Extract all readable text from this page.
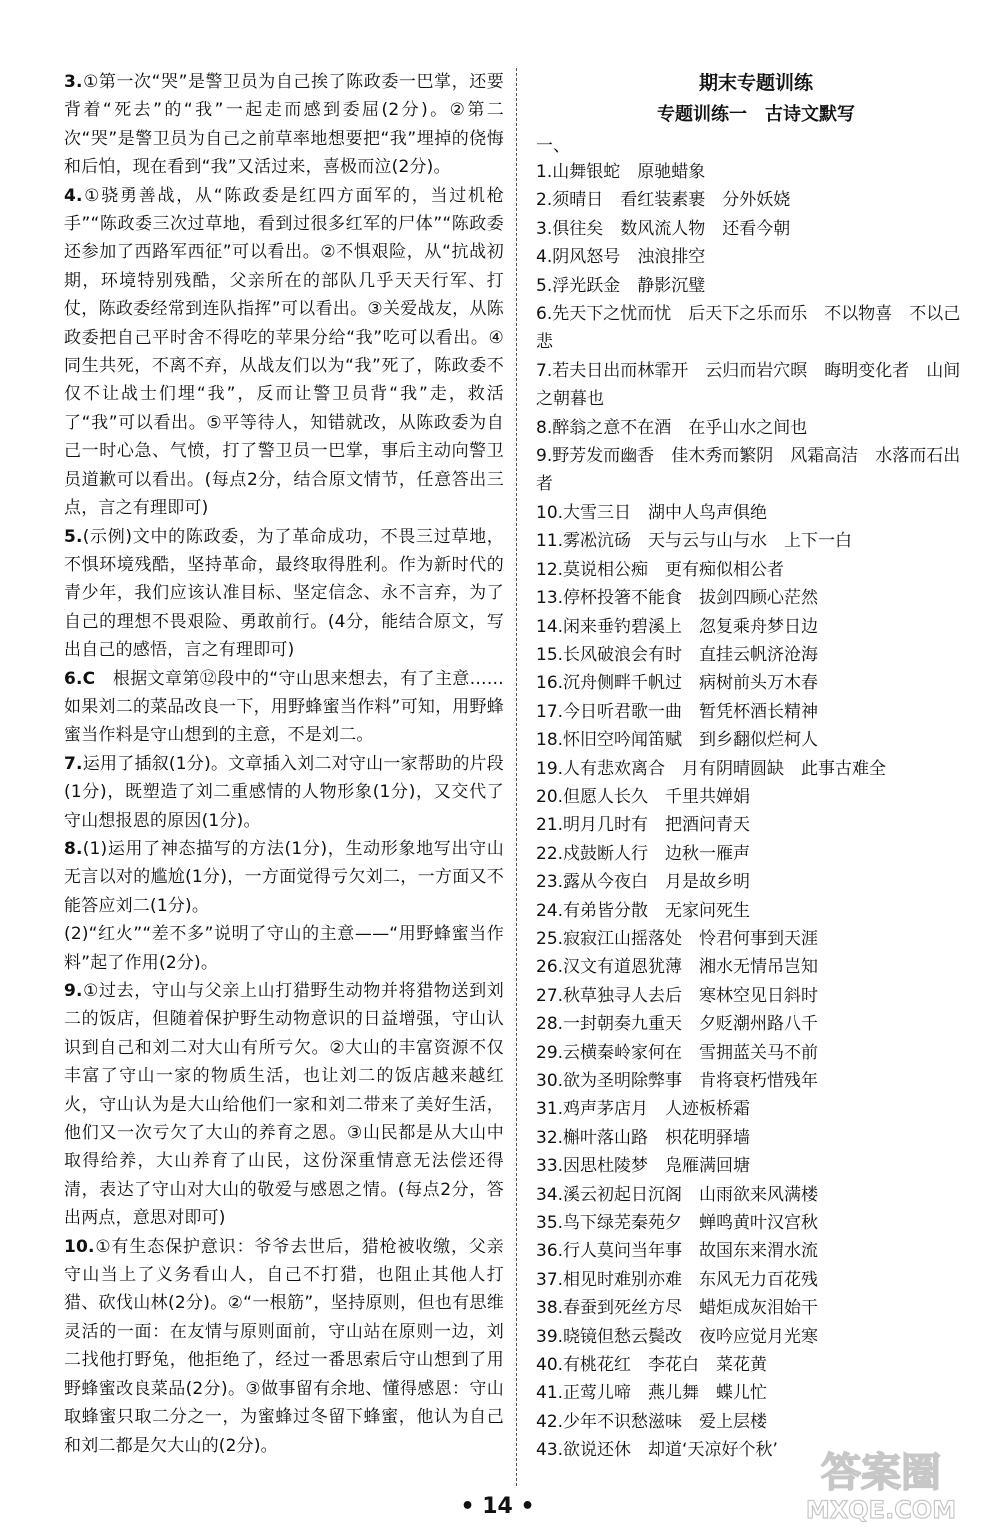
3.①第一次“哭”是警卫员为自己挨了陈政委一巴掌，还要背着“死去”的“我”一起走而感到委屈(2分)。②第二次“哭”是警卫员为自己之前草率地想要把“我”埋掉的侥悔和后怕，现在看到“我”又活过来，喜极而泣(2分)。

4.①骁勇善战，从“陈政委是红四方面军的，当过机枪手”“陈政委三次过草地，看到过很多红军的尸体”“陈政委还参加了西路军西征”可以看出。②不惧艰险，从“抗战初期，环境特别残酷，父亲所在的部队几乎天天行军、打仗，陈政委经常到连队指挥”可以看出。③关爱战友，从陈政委把自己平时舍不得吃的苹果分给“我”吃可以看出。④同生共死，不离不弃，从战友们以为“我”死了，陈政委不仅不让战士们埋“我”，反而让警卫员背“我”走，救活了“我”可以看出。⑤平等待人，知错就改，从陈政委为自己一时心急、气愤，打了警卫员一巴掌，事后主动向警卫员道歉可以看出。(每点2分，结合原文情节，任意答出三点，言之有理即可)

5.(示例)文中的陈政委，为了革命成功，不畏三过草地，不惧环境残酷，坚持革命，最终取得胜利。作为新时代的青少年，我们应该认准目标、坚定信念、永不言弃，为了自己的理想不畏艰险、勇敢前行。(4分，能结合原文，写出自己的感悟，言之有理即可)

6.C　根据文章第⑫段中的“守山思来想去，有了主意……如果刘二的菜品改良一下，用野蜂蜜当作料”可知，用野蜂蜜当作料是守山想到的主意，不是刘二。

7.运用了插叙(1分)。文章插入刘二对守山一家帮助的片段(1分)，既塑造了刘二重感情的人物形象(1分)，又交代了守山想报恩的原因(1分)。

8.(1)运用了神态描写的方法(1分)，生动形象地写出守山无言以对的尴尬(1分)，一方面觉得亏欠刘二，一方面又不能答应刘二(1分)。

(2)“红火”“差不多”说明了守山的主意——“用野蜂蜜当作料”起了作用(2分)。

9.①过去，守山与父亲上山打猎野生动物并将猎物送到刘二的饭店，但随着保护野生动物意识的日益增强，守山认识到自己和刘二对大山有所亏欠。②大山的丰富资源不仅丰富了守山一家的物质生活，也让刘二的饭店越来越红火，守山认为是大山给他们一家和刘二带来了美好生活，他们又一次亏欠了大山的养育之恩。③山民都是从大山中取得给养，大山养育了山民，这份深重情意无法偿还得清，表达了守山对大山的敬爱与感恩之情。(每点2分，答出两点，意思对即可)

10.①有生态保护意识：爷爷去世后，猎枪被收缴，父亲守山当上了义务看山人，自己不打猎，也阻止其他人打猎、砍伐山林(2分)。②“一根筋”，坚持原则，但也有思维灵活的一面：在友情与原则面前，守山站在原则一边，刘二找他打野兔，他拒绝了，经过一番思索后守山想到了用野蜂蜜改良菜品(2分)。③做事留有余地、懂得感恩：守山取蜂蜜只取二分之一，为蜜蜂过冬留下蜂蜜，他认为自己和刘二都是欠大山的(2分)。

期末专题训练

专题训练一　古诗文默写

一、

1.山舞银蛇　原驰蜡象
2.须晴日　看红装素裹　分外妖娆
3.俱往矣　数风流人物　还看今朝
4.阴风怒号　浊浪排空
5.浮光跃金　静影沉璧
6.先天下之忧而忧　后天下之乐而乐　不以物喜　不以己悲
7.若夫日出而林霏开　云归而岩穴暝　晦明变化者　山间之朝暮也
8.醉翁之意不在酒　在乎山水之间也
9.野芳发而幽香　佳木秀而繁阴　风霜高洁　水落而石出者
10.大雪三日　湖中人鸟声俱绝
11.雾凇沆砀　天与云与山与水　上下一白
12.莫说相公痴　更有痴似相公者
13.停杯投箸不能食　拔剑四顾心茫然
14.闲来垂钓碧溪上　忽复乘舟梦日边
15.长风破浪会有时　直挂云帆济沧海
16.沉舟侧畔千帆过　病树前头万木春
17.今日听君歌一曲　暂凭杯酒长精神
18.怀旧空吟闻笛赋　到乡翻似烂柯人
19.人有悲欢离合　月有阴晴圆缺　此事古难全
20.但愿人长久　千里共婵娟
21.明月几时有　把酒问青天
22.戍鼓断人行　边秋一雁声
23.露从今夜白　月是故乡明
24.有弟皆分散　无家问死生
25.寂寂江山摇落处　怜君何事到天涯
26.汉文有道恩犹薄　湘水无情吊岂知
27.秋草独寻人去后　寒林空见日斜时
28.一封朝奏九重天　夕贬潮州路八千
29.云横秦岭家何在　雪拥蓝关马不前
30.欲为圣明除弊事　肯将衰朽惜残年
31.鸡声茅店月　人迹板桥霜
32.槲叶落山路　枳花明驿墙
33.因思杜陵梦　凫雁满回塘
34.溪云初起日沉阁　山雨欲来风满楼
35.鸟下绿芜秦苑夕　蝉鸣黄叶汉宫秋
36.行人莫问当年事　故国东来渭水流
37.相见时难别亦难　东风无力百花残
38.春蚕到死丝方尽　蜡炬成灰泪始干
39.晓镜但愁云鬓改　夜吟应觉月光寒
40.有桃花红　李花白　菜花黄
41.正莺儿啼　燕儿舞　蝶儿忙
42.少年不识愁滋味　爱上层楼
43.欲说还休　却道‘天凉好个秋’
• 14 •
答案圈
MXQE.COM
